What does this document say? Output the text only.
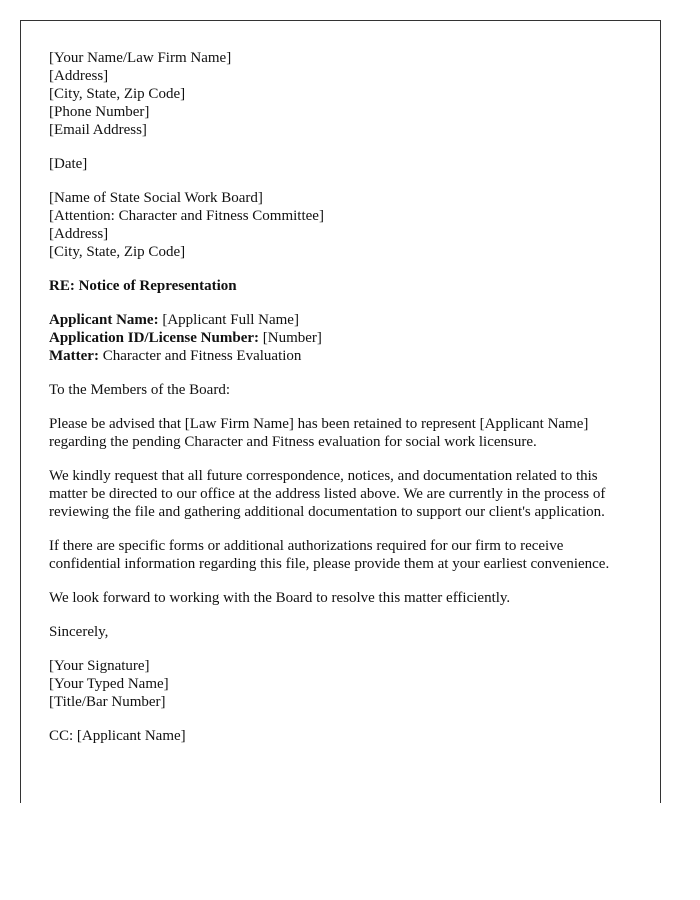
[Your Name/Law Firm Name]
[Address]
[City, State, Zip Code]
[Phone Number]
[Email Address]

[Date]

[Name of State Social Work Board]
[Attention: Character and Fitness Committee]
[Address]
[City, State, Zip Code]

RE: Notice of Representation

Applicant Name: [Applicant Full Name]
Application ID/License Number: [Number]
Matter: Character and Fitness Evaluation

To the Members of the Board:

Please be advised that [Law Firm Name] has been retained to represent [Applicant Name] regarding the pending Character and Fitness evaluation for social work licensure.

We kindly request that all future correspondence, notices, and documentation related to this matter be directed to our office at the address listed above. We are currently in the process of reviewing the file and gathering additional documentation to support our client's application.

If there are specific forms or additional authorizations required for our firm to receive confidential information regarding this file, please provide them at your earliest convenience.

We look forward to working with the Board to resolve this matter efficiently.

Sincerely,

[Your Signature]
[Your Typed Name]
[Title/Bar Number]

CC: [Applicant Name]
